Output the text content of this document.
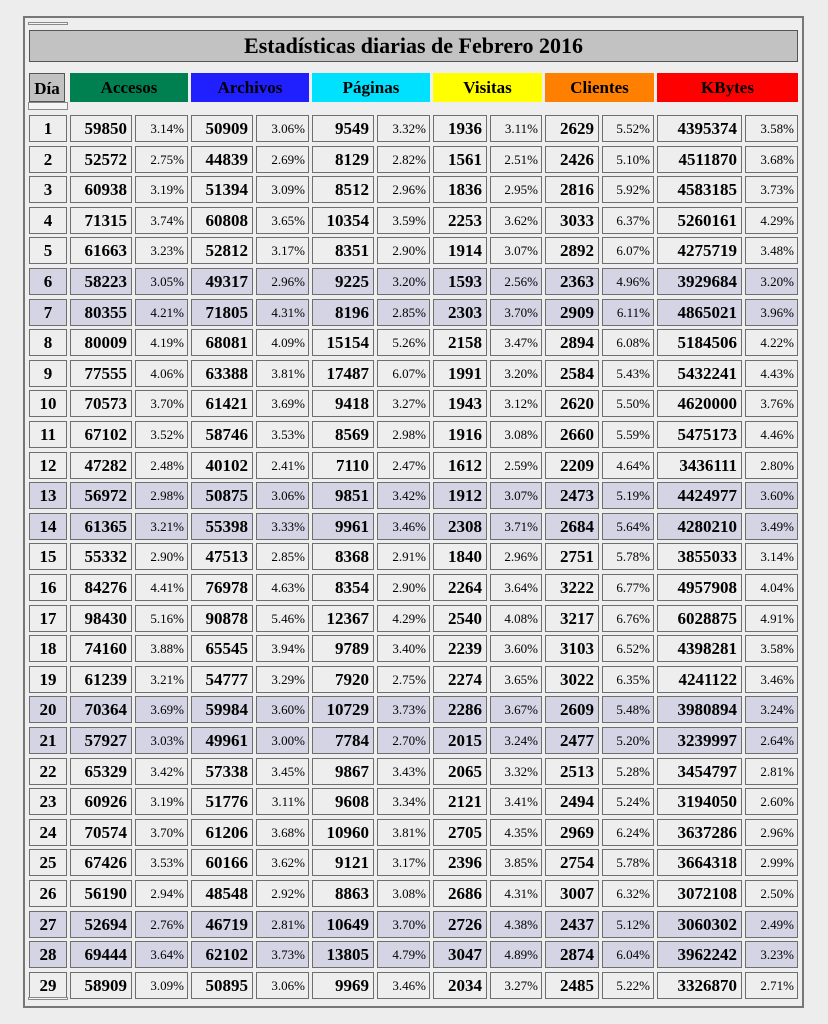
Estadísticas diarias de Febrero 2016
Día	Accesos	Archivos	Páginas	Visitas	Clientes	KBytes
1	59850	3.14%	50909	3.06%	9549	3.32%	1936	3.11%	2629	5.52%	4395374	3.58%
2	52572	2.75%	44839	2.69%	8129	2.82%	1561	2.51%	2426	5.10%	4511870	3.68%
3	60938	3.19%	51394	3.09%	8512	2.96%	1836	2.95%	2816	5.92%	4583185	3.73%
4	71315	3.74%	60808	3.65%	10354	3.59%	2253	3.62%	3033	6.37%	5260161	4.29%
5	61663	3.23%	52812	3.17%	8351	2.90%	1914	3.07%	2892	6.07%	4275719	3.48%
6	58223	3.05%	49317	2.96%	9225	3.20%	1593	2.56%	2363	4.96%	3929684	3.20%
7	80355	4.21%	71805	4.31%	8196	2.85%	2303	3.70%	2909	6.11%	4865021	3.96%
8	80009	4.19%	68081	4.09%	15154	5.26%	2158	3.47%	2894	6.08%	5184506	4.22%
9	77555	4.06%	63388	3.81%	17487	6.07%	1991	3.20%	2584	5.43%	5432241	4.43%
10	70573	3.70%	61421	3.69%	9418	3.27%	1943	3.12%	2620	5.50%	4620000	3.76%
11	67102	3.52%	58746	3.53%	8569	2.98%	1916	3.08%	2660	5.59%	5475173	4.46%
12	47282	2.48%	40102	2.41%	7110	2.47%	1612	2.59%	2209	4.64%	3436111	2.80%
13	56972	2.98%	50875	3.06%	9851	3.42%	1912	3.07%	2473	5.19%	4424977	3.60%
14	61365	3.21%	55398	3.33%	9961	3.46%	2308	3.71%	2684	5.64%	4280210	3.49%
15	55332	2.90%	47513	2.85%	8368	2.91%	1840	2.96%	2751	5.78%	3855033	3.14%
16	84276	4.41%	76978	4.63%	8354	2.90%	2264	3.64%	3222	6.77%	4957908	4.04%
17	98430	5.16%	90878	5.46%	12367	4.29%	2540	4.08%	3217	6.76%	6028875	4.91%
18	74160	3.88%	65545	3.94%	9789	3.40%	2239	3.60%	3103	6.52%	4398281	3.58%
19	61239	3.21%	54777	3.29%	7920	2.75%	2274	3.65%	3022	6.35%	4241122	3.46%
20	70364	3.69%	59984	3.60%	10729	3.73%	2286	3.67%	2609	5.48%	3980894	3.24%
21	57927	3.03%	49961	3.00%	7784	2.70%	2015	3.24%	2477	5.20%	3239997	2.64%
22	65329	3.42%	57338	3.45%	9867	3.43%	2065	3.32%	2513	5.28%	3454797	2.81%
23	60926	3.19%	51776	3.11%	9608	3.34%	2121	3.41%	2494	5.24%	3194050	2.60%
24	70574	3.70%	61206	3.68%	10960	3.81%	2705	4.35%	2969	6.24%	3637286	2.96%
25	67426	3.53%	60166	3.62%	9121	3.17%	2396	3.85%	2754	5.78%	3664318	2.99%
26	56190	2.94%	48548	2.92%	8863	3.08%	2686	4.31%	3007	6.32%	3072108	2.50%
27	52694	2.76%	46719	2.81%	10649	3.70%	2726	4.38%	2437	5.12%	3060302	2.49%
28	69444	3.64%	62102	3.73%	13805	4.79%	3047	4.89%	2874	6.04%	3962242	3.23%
29	58909	3.09%	50895	3.06%	9969	3.46%	2034	3.27%	2485	5.22%	3326870	2.71%
